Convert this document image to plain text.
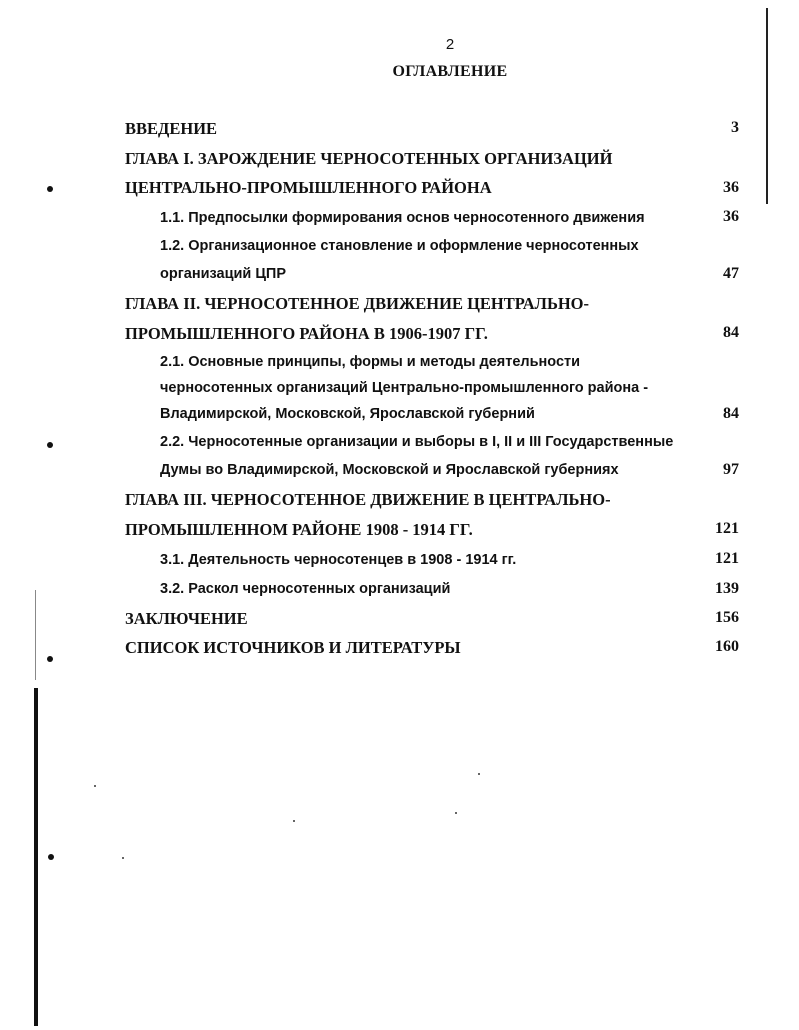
2
ОГЛАВЛЕНИЕ
ВВЕДЕНИЕ	3
ГЛАВА I. ЗАРОЖДЕНИЕ ЧЕРНОСОТЕННЫХ ОРГАНИЗАЦИЙ
ЦЕНТРАЛЬНО-ПРОМЫШЛЕННОГО РАЙОНА	36
1.1. Предпосылки формирования основ черносотенного движения	36
1.2. Организационное становление и оформление черносотенных
организаций ЦПР	47
ГЛАВА II. ЧЕРНОСОТЕННОЕ ДВИЖЕНИЕ ЦЕНТРАЛЬНО-
ПРОМЫШЛЕННОГО РАЙОНА В 1906-1907 ГГ.	84
2.1. Основные принципы, формы и методы деятельности
черносотенных организаций Центрально-промышленного района -
Владимирской, Московской, Ярославской губерний	84
2.2. Черносотенные организации и выборы в I, II и III Государственные
Думы во Владимирской, Московской и Ярославской губерниях	97
ГЛАВА III. ЧЕРНОСОТЕННОЕ ДВИЖЕНИЕ В ЦЕНТРАЛЬНО-
ПРОМЫШЛЕННОМ РАЙОНЕ 1908 - 1914 ГГ.	121
3.1. Деятельность черносотенцев в 1908 - 1914 гг.	121
3.2. Раскол черносотенных организаций	139
ЗАКЛЮЧЕНИЕ	156
СПИСОК ИСТОЧНИКОВ И ЛИТЕРАТУРЫ	160
